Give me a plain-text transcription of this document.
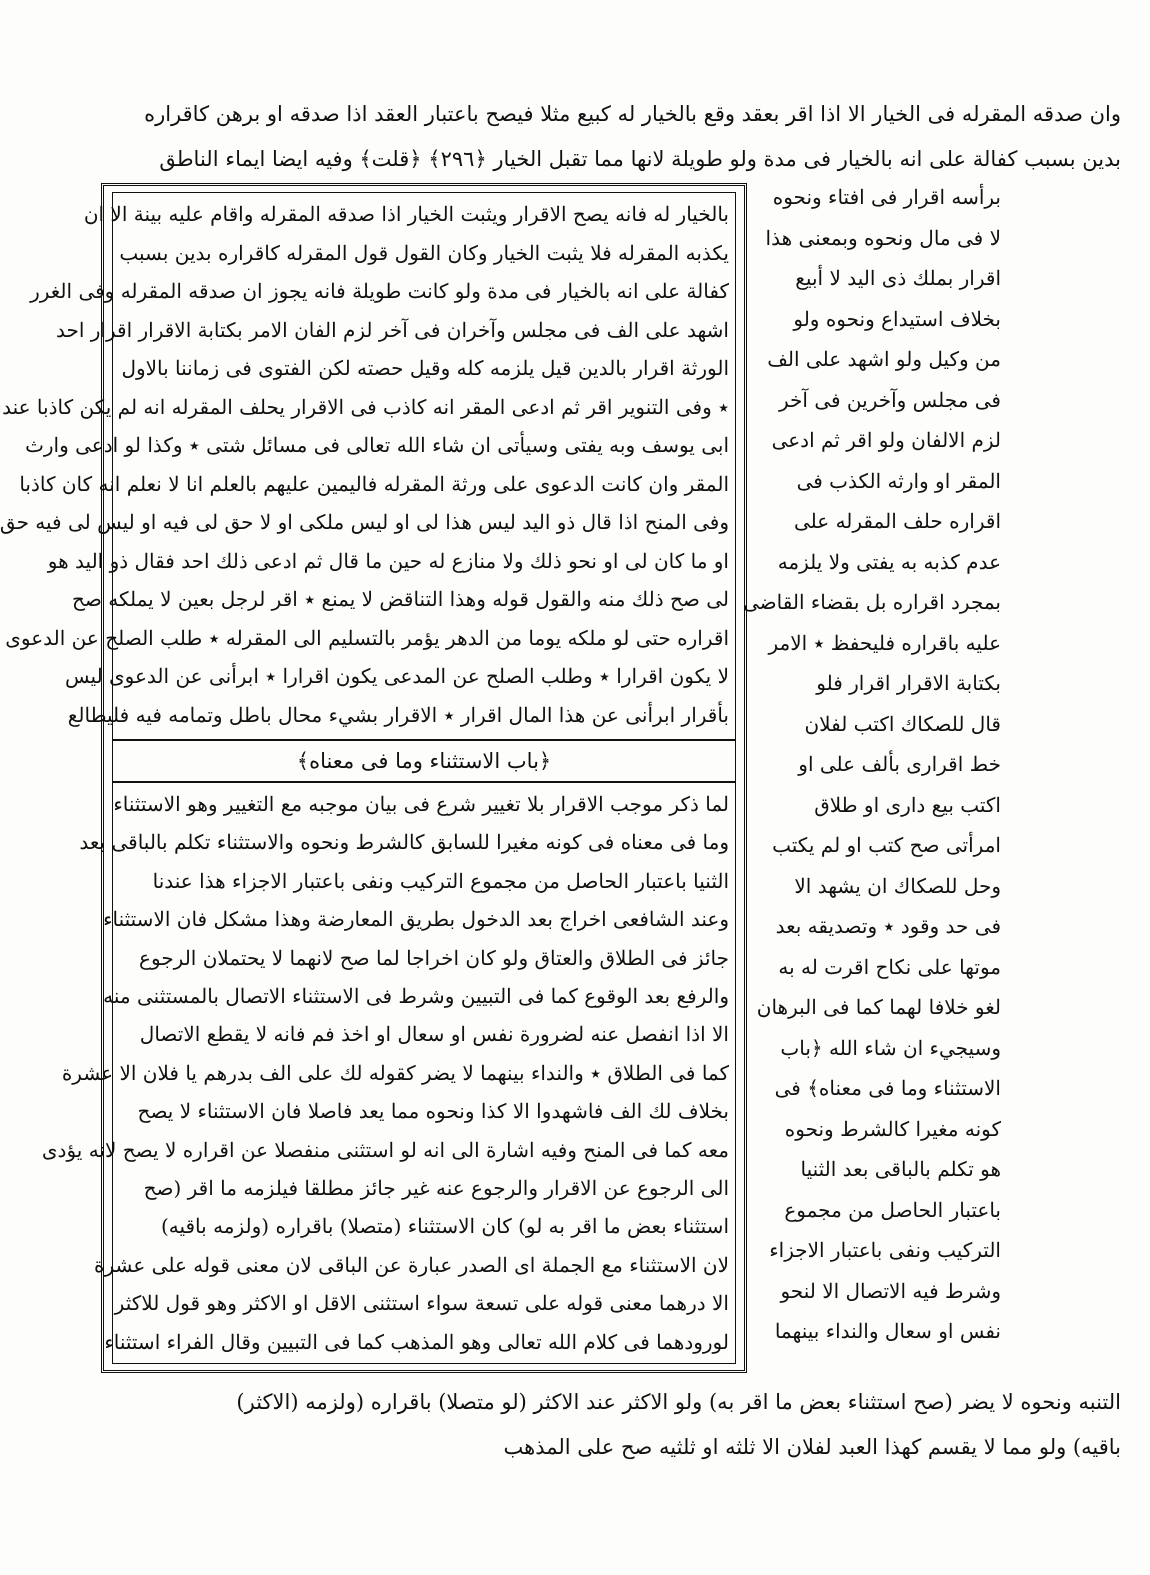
وان صدقه المقرله فى الخيار الا اذا اقر بعقد وقع بالخيار له كبيع مثلا فيصح باعتبار العقد اذا صدقه او برهن كاقراره
بدين بسبب كفالة على انه بالخيار فى مدة ولو طويلة لانها مما تقبل الخيار ﴿٢٩٦﴾ ﴿قلت﴾ وفيه ايضا ايماء الناطق
برأسه اقرار فى افتاء ونحوه
لا فى مال ونحوه وبمعنى هذا
اقرار بملك ذى اليد لا أبيع
بخلاف استيداع ونحوه ولو
من وكيل ولو اشهد على الف
فى مجلس وآخرين فى آخر
لزم الالفان ولو اقر ثم ادعى
المقر او وارثه الكذب فى
اقراره حلف المقرله على
عدم كذبه به يفتى ولا يلزمه
بمجرد اقراره بل بقضاء القاضى
عليه باقراره فليحفظ ٭ الامر
بكتابة الاقرار اقرار فلو
قال للصكاك اكتب لفلان
خط اقرارى بألف على او
اكتب بيع دارى او طلاق
امرأتى صح كتب او لم يكتب
وحل للصكاك ان يشهد الا
فى حد وقود ٭ وتصديقه بعد
موتها على نكاح اقرت له به
لغو خلافا لهما كما فى البرهان
وسيجيء ان شاء الله ﴿باب
الاستثناء وما فى معناه﴾ فى
كونه مغيرا كالشرط ونحوه
هو تكلم بالباقى بعد الثنيا
باعتبار الحاصل من مجموع
التركيب ونفى باعتبار الاجزاء
وشرط فيه الاتصال الا لنحو
نفس او سعال والنداء بينهما
بالخيار له فانه يصح الاقرار ويثبت الخيار اذا صدقه المقرله واقام عليه بينة الا ان
يكذبه المقرله فلا يثبت الخيار وكان القول قول المقرله كاقراره بدين بسبب
كفالة على انه بالخيار فى مدة ولو كانت طويلة فانه يجوز ان صدقه المقرله وفى الغرر
اشهد على الف فى مجلس وآخران فى آخر لزم الفان الامر بكتابة الاقرار اقرار احد
الورثة اقرار بالدين قيل يلزمه كله وقيل حصته لكن الفتوى فى زماننا بالاول
٭ وفى التنوير اقر ثم ادعى المقر انه كاذب فى الاقرار يحلف المقرله انه لم يكن كاذبا عند
ابى يوسف وبه يفتى وسيأتى ان شاء الله تعالى فى مسائل شتى ٭ وكذا لو ادعى وارث
المقر وان كانت الدعوى على ورثة المقرله فاليمين عليهم بالعلم انا لا نعلم انه كان كاذبا
وفى المنح اذا قال ذو اليد ليس هذا لى او ليس ملكى او لا حق لى فيه او ليس لى فيه حق
او ما كان لى او نحو ذلك ولا منازع له حين ما قال ثم ادعى ذلك احد فقال ذو اليد هو
لى صح ذلك منه والقول قوله وهذا التناقض لا يمنع ٭ اقر لرجل بعين لا يملكه صح
اقراره حتى لو ملكه يوما من الدهر يؤمر بالتسليم الى المقرله ٭ طلب الصلح عن الدعوى
لا يكون اقرارا ٭ وطلب الصلح عن المدعى يكون اقرارا ٭ ابرأنى عن الدعوى ليس
بأقرار ابرأنى عن هذا المال اقرار ٭ الاقرار بشيء محال باطل وتمامه فيه فليطالع
﴿باب الاستثناء وما فى معناه﴾
لما ذكر موجب الاقرار بلا تغيير شرع فى بيان موجبه مع التغيير وهو الاستثناء
وما فى معناه فى كونه مغيرا للسابق كالشرط ونحوه والاستثناء تكلم بالباقى بعد
الثنيا باعتبار الحاصل من مجموع التركيب ونفى باعتبار الاجزاء هذا عندنا
وعند الشافعى اخراج بعد الدخول بطريق المعارضة وهذا مشكل فان الاستثناء
جائز فى الطلاق والعتاق ولو كان اخراجا لما صح لانهما لا يحتملان الرجوع
والرفع بعد الوقوع كما فى التبيين وشرط فى الاستثناء الاتصال بالمستثنى منه
الا اذا انفصل عنه لضرورة نفس او سعال او اخذ فم فانه لا يقطع الاتصال
كما فى الطلاق ٭ والنداء بينهما لا يضر كقوله لك على الف بدرهم يا فلان الا عشرة
بخلاف لك الف فاشهدوا الا كذا ونحوه مما يعد فاصلا فان الاستثناء لا يصح
معه كما فى المنح وفيه اشارة الى انه لو استثنى منفصلا عن اقراره لا يصح لانه يؤدى
الى الرجوع عن الاقرار والرجوع عنه غير جائز مطلقا فيلزمه ما اقر (صح
استثناء بعض ما اقر به لو) كان الاستثناء (متصلا) باقراره (ولزمه باقيه)
لان الاستثناء مع الجملة اى الصدر عبارة عن الباقى لان معنى قوله على عشرة
الا درهما معنى قوله على تسعة سواء استثنى الاقل او الاكثر وهو قول للاكثر
لورودهما فى كلام الله تعالى وهو المذهب كما فى التبيين وقال الفراء استثناء
التنبه ونحوه لا يضر (صح استثناء بعض ما اقر به) ولو الاكثر عند الاكثر (لو متصلا) باقراره (ولزمه (الاكثر)
باقيه) ولو مما لا يقسم كهذا العبد لفلان الا ثلثه او ثلثيه صح على المذهب
